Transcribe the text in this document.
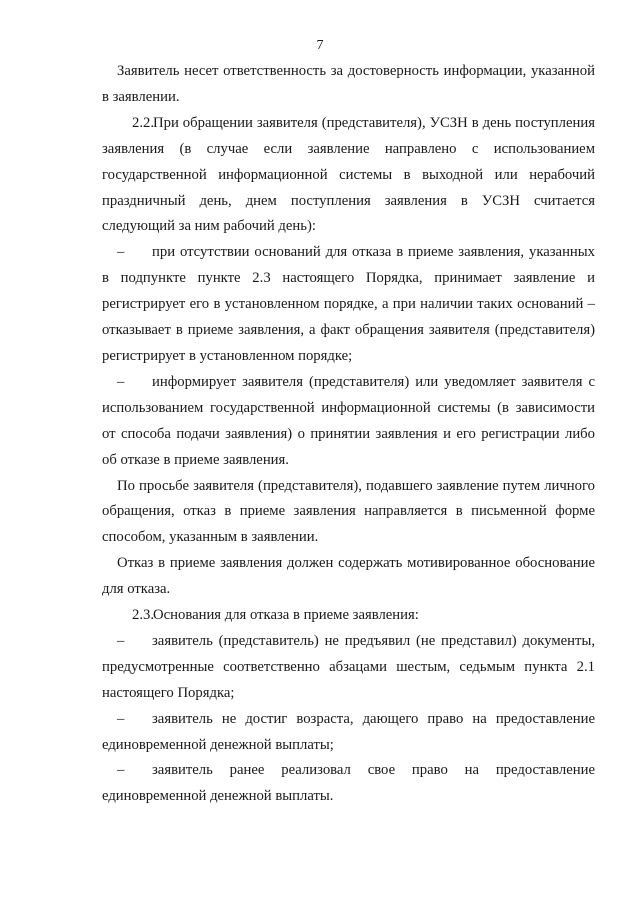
7

Заявитель несет ответственность за достоверность информации, указанной в заявлении.

2.2.При обращении заявителя (представителя), УСЗН в день поступления заявления (в случае если заявление направлено с использованием государственной информационной системы в выходной или нерабочий праздничный день, днем поступления заявления в УСЗН считается следующий за ним рабочий день):

– при отсутствии оснований для отказа в приеме заявления, указанных в подпункте пункте 2.3 настоящего Порядка, принимает заявление и регистрирует его в установленном порядке, а при наличии таких оснований – отказывает в приеме заявления, а факт обращения заявителя (представителя) регистрирует в установленном порядке;

– информирует заявителя (представителя) или уведомляет заявителя с использованием государственной информационной системы (в зависимости от способа подачи заявления) о принятии заявления и его регистрации либо об отказе в приеме заявления.

По просьбе заявителя (представителя), подавшего заявление путем личного обращения, отказ в приеме заявления направляется в письменной форме способом, указанным в заявлении.

Отказ в приеме заявления должен содержать мотивированное обоснование для отказа.

2.3.Основания для отказа в приеме заявления:

– заявитель (представитель) не предъявил (не представил) документы, предусмотренные соответственно абзацами шестым, седьмым пункта 2.1 настоящего Порядка;

– заявитель не достиг возраста, дающего право на предоставление единовременной денежной выплаты;

– заявитель ранее реализовал свое право на предоставление единовременной денежной выплаты.
